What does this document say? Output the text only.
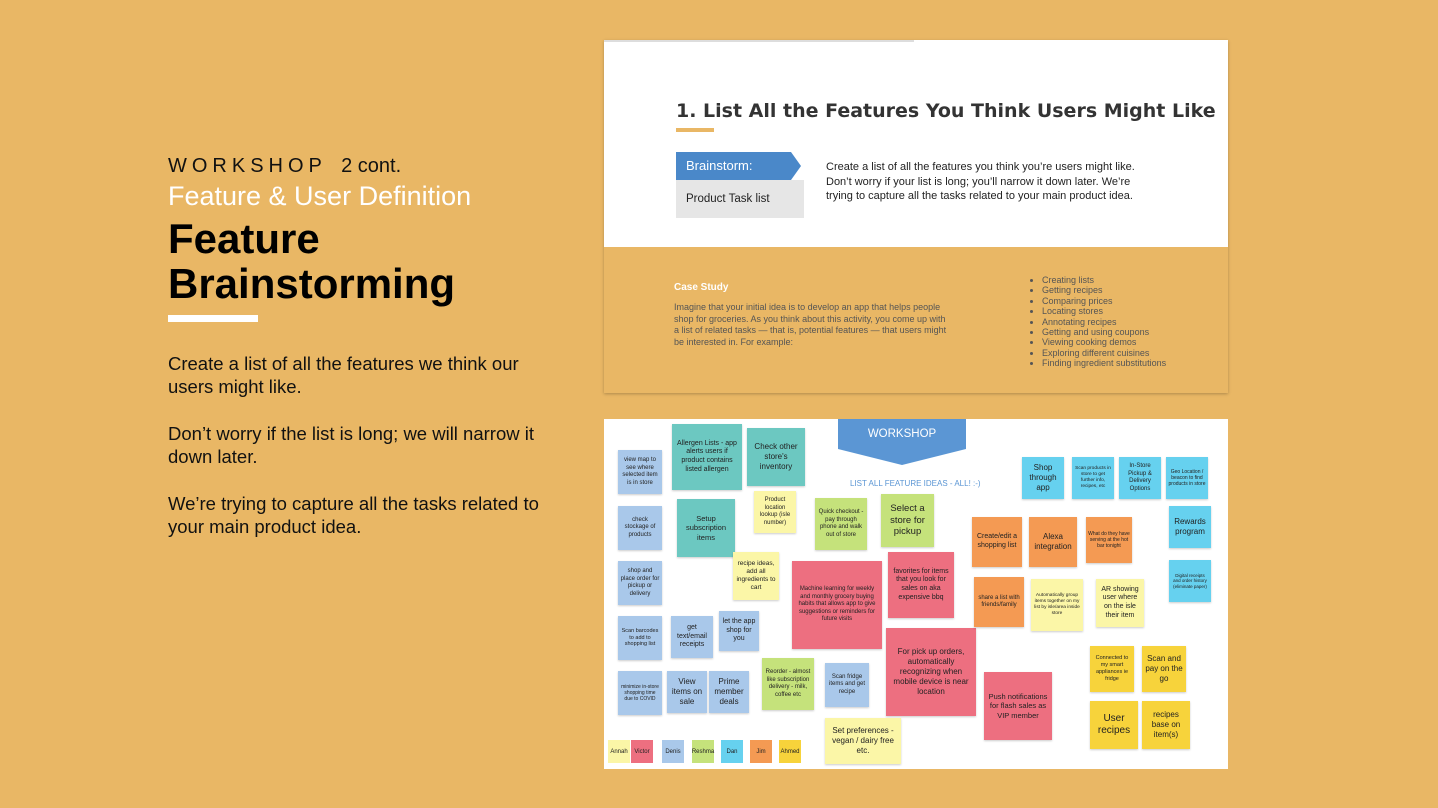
WORKSHOP 2 cont.
Feature & User Definition
Feature
Brainstorming

Create a list of all the features we think our users might like.

Don’t worry if the list is long; we will narrow it down later.

We’re trying to capture all the tasks related to your main product idea.

1. List All the Features You Think Users Might Like
Brainstorm:
Product Task list
Create a list of all the features you think you’re users might like. Don’t worry if your list is long; you’ll narrow it down later. We’re trying to capture all the tasks related to your main product idea.
Case Study
Imagine that your initial idea is to develop an app that helps people shop for groceries. As you think about this activity, you come up with a list of related tasks — that is, potential features — that users might be interested in. For example:
• Creating lists
• Getting recipes
• Comparing prices
• Locating stores
• Annotating recipes
• Getting and using coupons
• Viewing cooking demos
• Exploring different cuisines
• Finding ingredient substitutions
WORKSHOP QUESTION
LIST ALL FEATURE IDEAS - ALL! :-)
view map to see where selected item is in store
Allergen Lists - app alerts users if product contains listed allergen
Check other store's inventory
check stockage of products
Setup subscription items
Product location lookup (isle number)
Quick checkout - pay through phone and walk out of store
Select a store for pickup
shop and place order for pickup or delivery
recipe ideas, add all ingredients to cart	Machine learning for weekly and monthly grocery buying habits that allows app to give suggestions or reminders for future visits
favorites for items that you look for sales on aka expensive bbq
Scan barcodes to add to shopping list
get text/email receipts
let the app shop for you
For pick up orders, automatically recognizing when mobile device is near location
minimize in-store shopping time due to COVID
View items on sale
Prime member deals
Reorder - almost like subscription delivery - milk, coffee etc
Scan fridge items and get recipe
Set preferences - vegan / dairy free etc.
Shop through app
Scan products in store to get further info, recipes, etc
In-Store Pickup & Delivery Options
Geo Location / beacon to find products in store
Create/edit a shopping list
Alexa integration
What do they have serving at the hot bar tonight
Rewards program
share a list with friends/family
Automatically group items together on my list by isle/area inside store
AR showing user where on the isle their item
Digital receipts and order history (eliminate paper)
Push notifications for flash sales as VIP member
Connected to my smart appliances ie fridge
Scan and pay on the go
User recipes
recipes base on item(s)
Annah	Victor	Denis	Reshma	Dan	Jim	Ahmed
